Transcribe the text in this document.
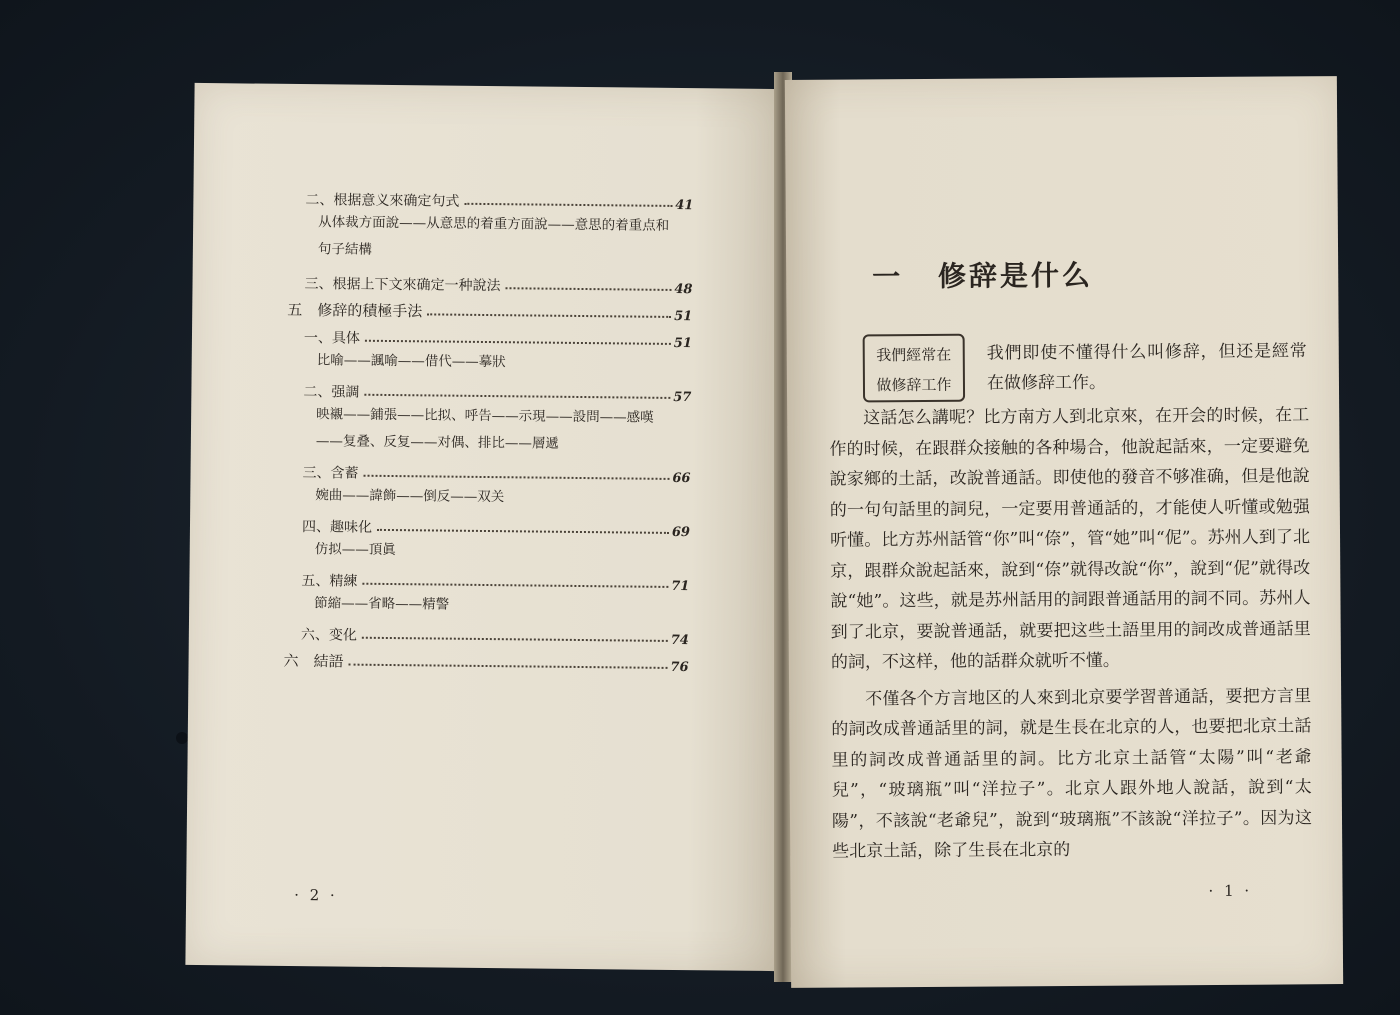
二、根据意义來确定句式	41
从体裁方面說——从意思的着重方面說——意思的着重点和句子結構
三、根据上下文來确定一种說法	48
五　修辞的積極手法	51
一、具体	51
比喻——諷喻——借代——摹狀
二、强調	57
映襯——鋪張——比拟、呼告——示現——設問——感嘆——复叠、反复——对偶、排比——層遞
三、含蓄	66
婉曲——諱飾——倒反——双关
四、趣味化	69
仿拟——頂眞
五、精練	71
節縮——省略——精警
六、变化	74
六　結語	76
· 2 ·
一 修辞是什么
我們經常在
做修辞工作
我們即使不懂得什么叫修辞，但还是經常在做修辞工作。

这話怎么講呢？比方南方人到北京來，在开会的时候，在工作的时候，在跟群众接触的各种場合，他說起話來，一定要避免說家鄉的土話，改說普通話。即使他的發音不够准确，但是他說的一句句話里的詞兒，一定要用普通話的，才能使人听懂或勉强听懂。比方苏州話管“你”叫“倷”，管“她”叫“伲”。苏州人到了北京，跟群众說起話來，說到“倷”就得改說“你”，說到“伲”就得改說“她”。这些，就是苏州話用的詞跟普通話用的詞不同。苏州人到了北京，要說普通話，就要把这些土語里用的詞改成普通話里的詞，不这样，他的話群众就听不懂。

不僅各个方言地区的人來到北京要学習普通話，要把方言里的詞改成普通話里的詞，就是生長在北京的人，也要把北京土話里的詞改成普通話里的詞。比方北京土話管“太陽”叫“老爺兒”，“玻璃瓶”叫“洋拉子”。北京人跟外地人說話，說到“太陽”，不該說“老爺兒”，說到“玻璃瓶”不該說“洋拉子”。因为这些北京土話，除了生長在北京的

· 1 ·
